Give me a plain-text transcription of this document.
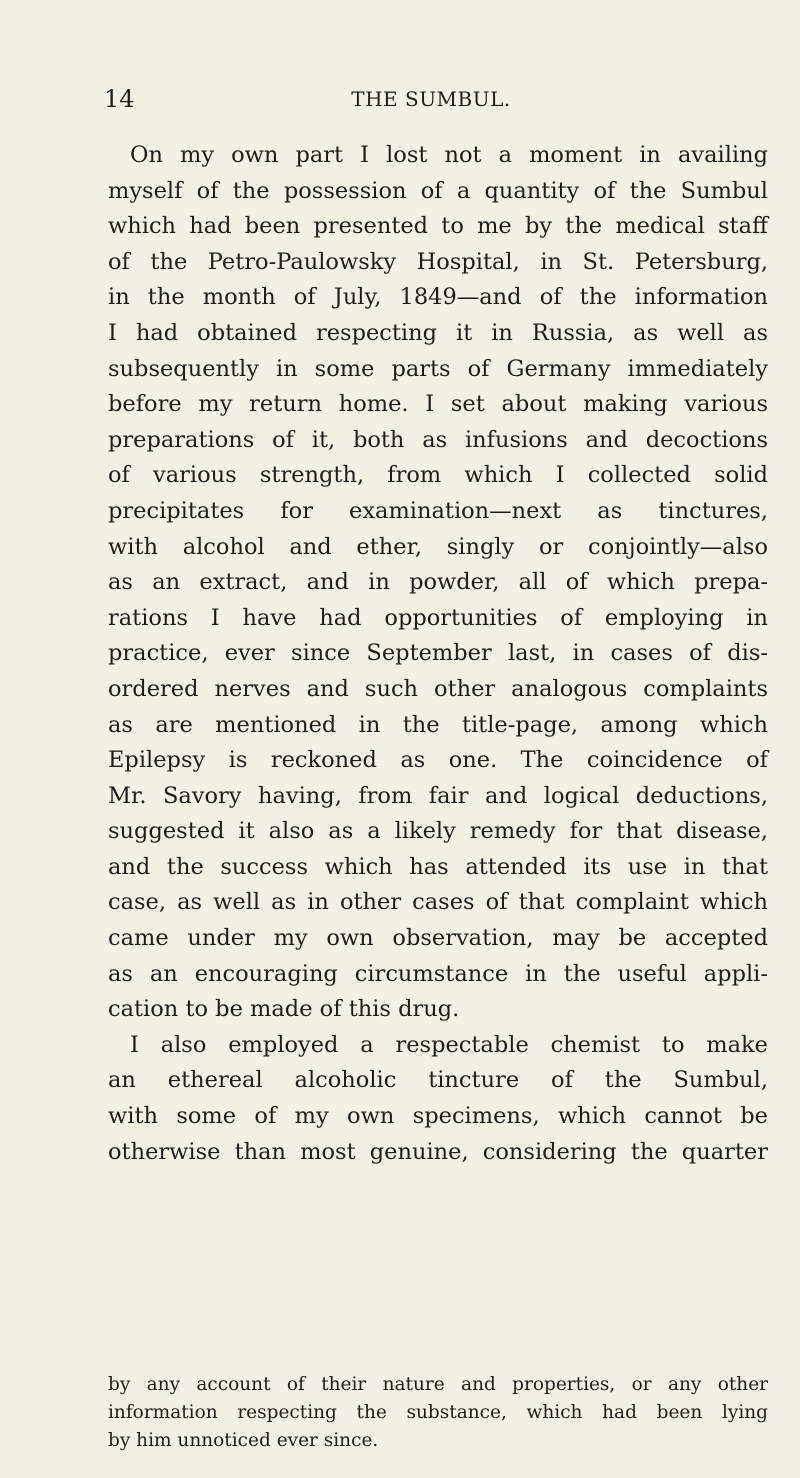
14	THE SUMBUL.
On my own part I lost not a moment in availing
myself of the possession of a quantity of the Sumbul
which had been presented to me by the medical staff
of the Petro-Paulowsky Hospital, in St. Petersburg,
in the month of July, 1849—and of the information
I had obtained respecting it in Russia, as well as
subsequently in some parts of Germany immediately
before my return home. I set about making various
preparations of it, both as infusions and decoctions
of various strength, from which I collected solid
precipitates for examination—next as tinctures,
with alcohol and ether, singly or conjointly—also
as an extract, and in powder, all of which prepa-
rations I have had opportunities of employing in
practice, ever since September last, in cases of dis-
ordered nerves and such other analogous complaints
as are mentioned in the title-page, among which
Epilepsy is reckoned as one. The coincidence of
Mr. Savory having, from fair and logical deductions,
suggested it also as a likely remedy for that disease,
and the success which has attended its use in that
case, as well as in other cases of that complaint which
came under my own observation, may be accepted
as an encouraging circumstance in the useful appli-
cation to be made of this drug.
I also employed a respectable chemist to make
an ethereal alcoholic tincture of the Sumbul,
with some of my own specimens, which cannot be
otherwise than most genuine, considering the quarter
by any account of their nature and properties, or any other
information respecting the substance, which had been lying
by him unnoticed ever since.
